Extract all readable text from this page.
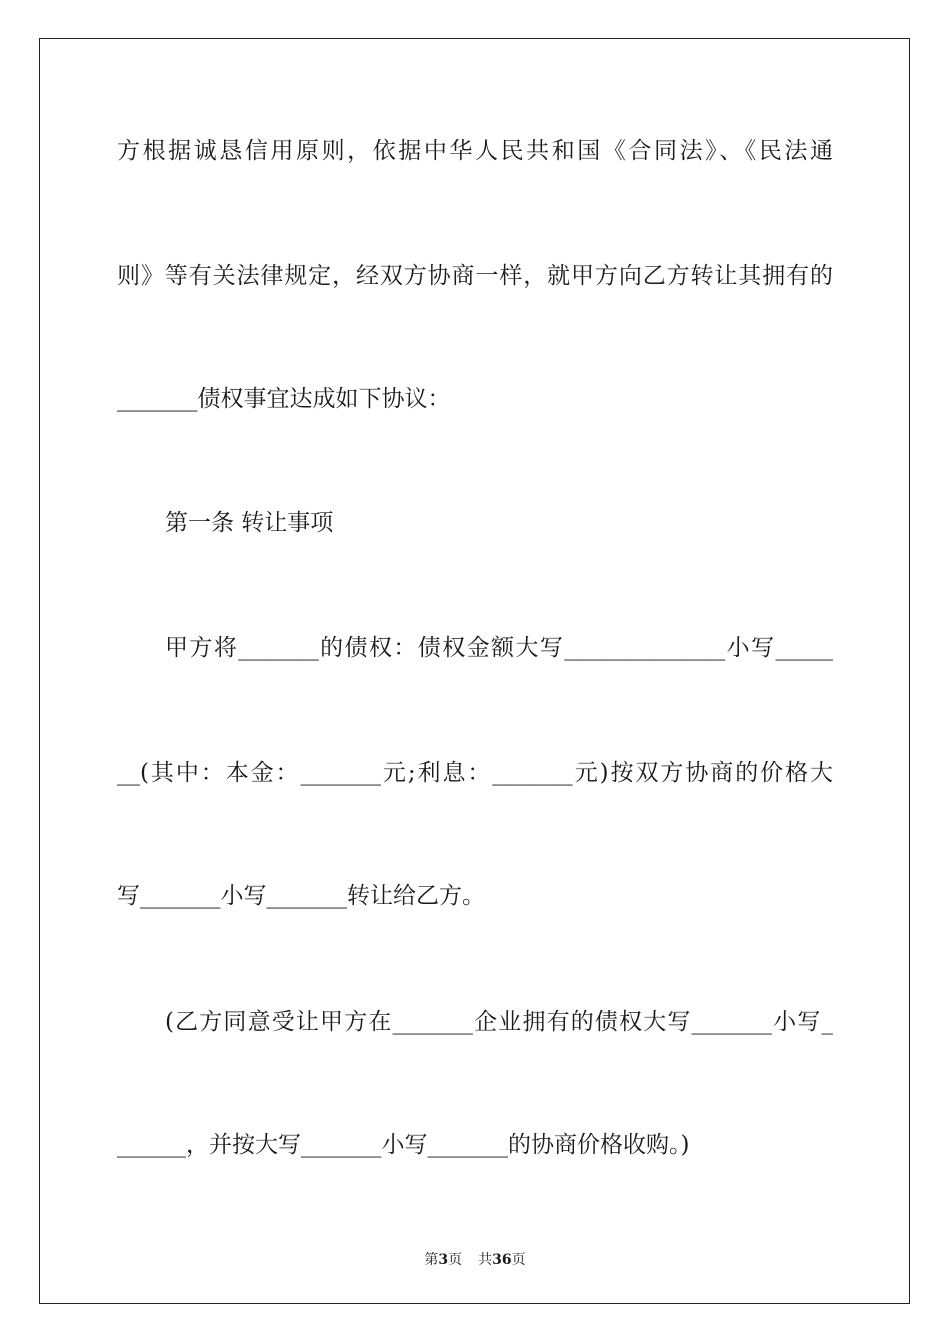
方根据诚恳信用原则，依据中华人民共和国《合同法》、《民法通
则》等有关法律规定，经双方协商一样，就甲方向乙方转让其拥有的
_______债权事宜达成如下协议：
第一条 转让事项
甲方将_______的债权：债权金额大写______________小写_____
__(其中：本金：_______元;利息：_______元)按双方协商的价格大
写_______小写_______转让给乙方。
(乙方同意受让甲方在_______企业拥有的债权大写_______小写_
______，并按大写_______小写_______的协商价格收购。)
第3页 共36页
